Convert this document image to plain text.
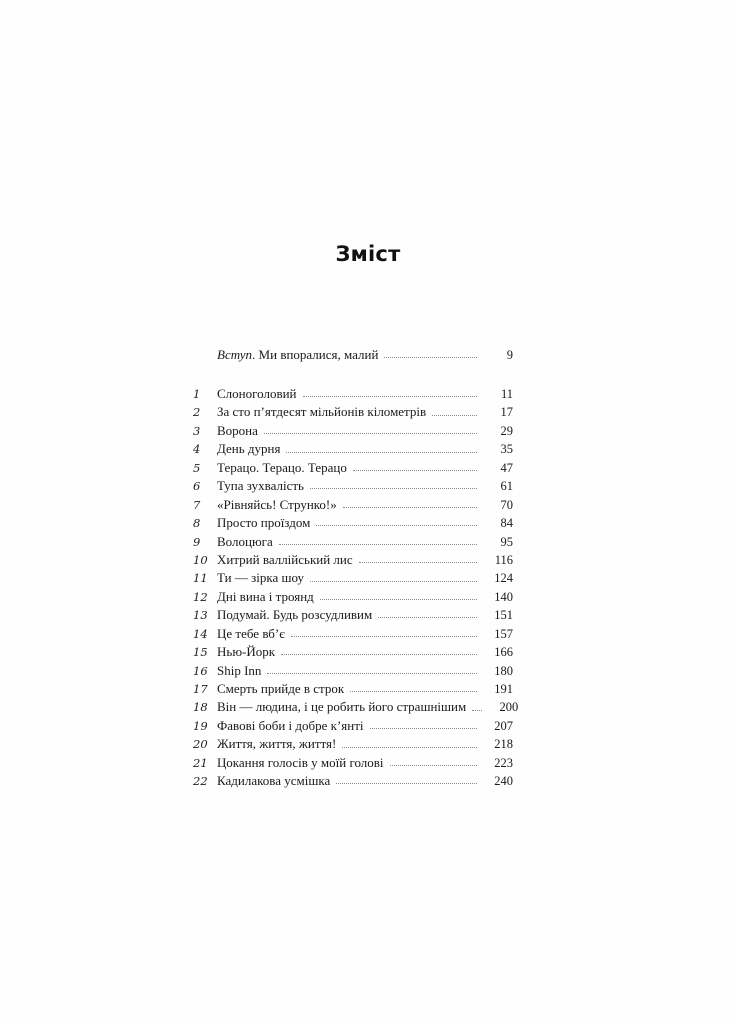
Зміст
Вступ. Ми впоралися, малий	9
1	Слоноголовий	11
2	За сто п’ятдесят мільйонів кілометрів	17
3	Ворона	29
4	День дурня	35
5	Терацо. Терацо. Терацо	47
6	Тупа зухвалість	61
7	«Рівняйсь! Струнко!»	70
8	Просто проїздом	84
9	Волоцюга	95
10 Хитрий валлійський лис	116
11 Ти — зірка шоу	124
12 Дні вина і троянд	140
13 Подумай. Будь розсудливим	151
14 Це тебе вб’є	157
15 Нью-Йорк	166
16 Ship Inn	180
17 Смерть прийде в строк	191
18 Він — людина, і це робить його страшнішим	200
19 Фавові боби і добре к’янті	207
20 Життя, життя, життя!	218
21 Цокання голосів у моїй голові	223
22 Кадилакова усмішка	240
